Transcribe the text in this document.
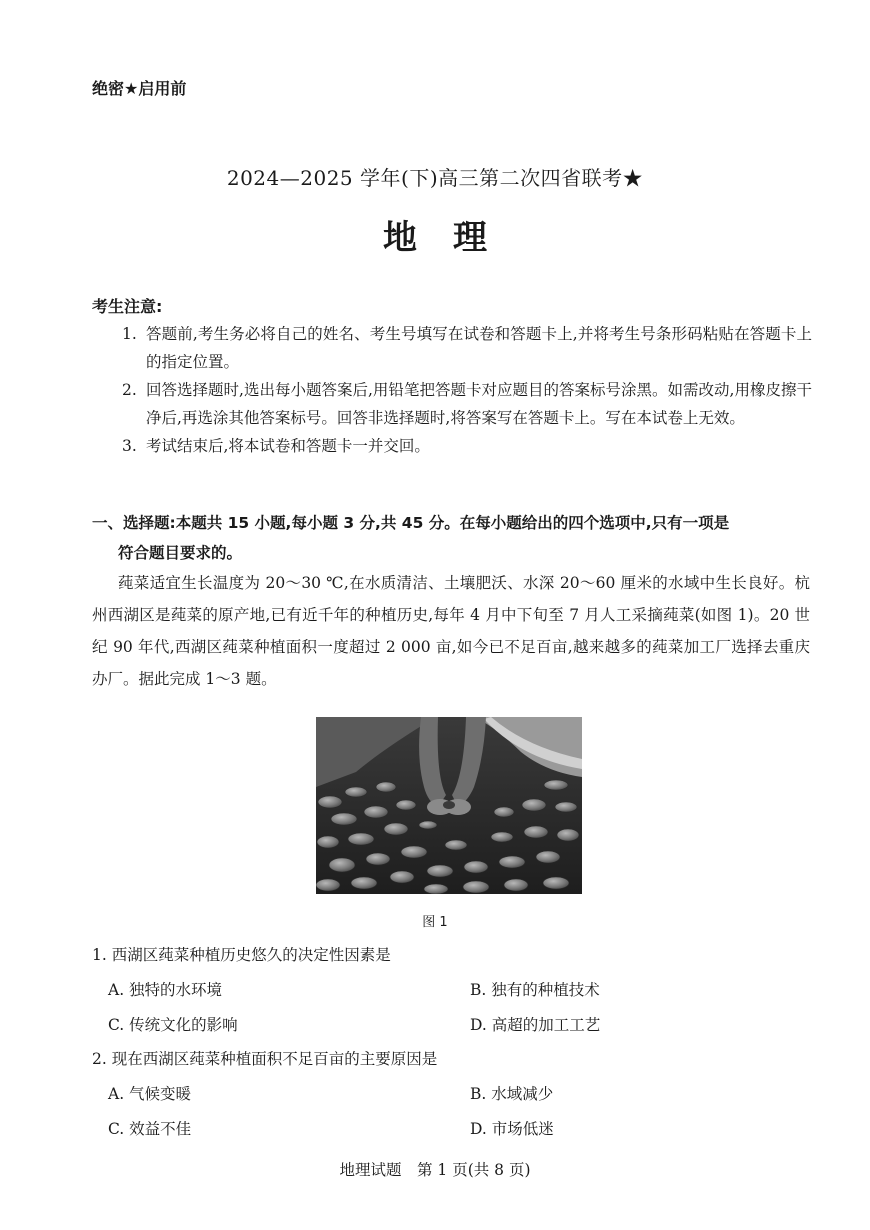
绝密★启用前
2024—2025 学年(下)高三第二次四省联考★
地理
考生注意:
1. 答题前,考生务必将自己的姓名、考生号填写在试卷和答题卡上,并将考生号条形码粘贴在答题卡上的指定位置。
2. 回答选择题时,选出每小题答案后,用铅笔把答题卡对应题目的答案标号涂黑。如需改动,用橡皮擦干净后,再选涂其他答案标号。回答非选择题时,将答案写在答题卡上。写在本试卷上无效。
3. 考试结束后,将本试卷和答题卡一并交回。
一、选择题:本题共 15 小题,每小题 3 分,共 45 分。在每小题给出的四个选项中,只有一项是
符合题目要求的。
莼菜适宜生长温度为 20～30 ℃,在水质清洁、土壤肥沃、水深 20～60 厘米的水域中生长良好。杭州西湖区是莼菜的原产地,已有近千年的种植历史,每年 4 月中下旬至 7 月人工采摘莼菜(如图 1)。20 世纪 90 年代,西湖区莼菜种植面积一度超过 2 000 亩,如今已不足百亩,越来越多的莼菜加工厂选择去重庆办厂。据此完成 1～3 题。
图 1
1. 西湖区莼菜种植历史悠久的决定性因素是
A. 独特的水环境	B. 独有的种植技术
C. 传统文化的影响	D. 高超的加工工艺
2. 现在西湖区莼菜种植面积不足百亩的主要原因是
A. 气候变暖	B. 水域减少
C. 效益不佳	D. 市场低迷
地理试题　第 1 页(共 8 页)
